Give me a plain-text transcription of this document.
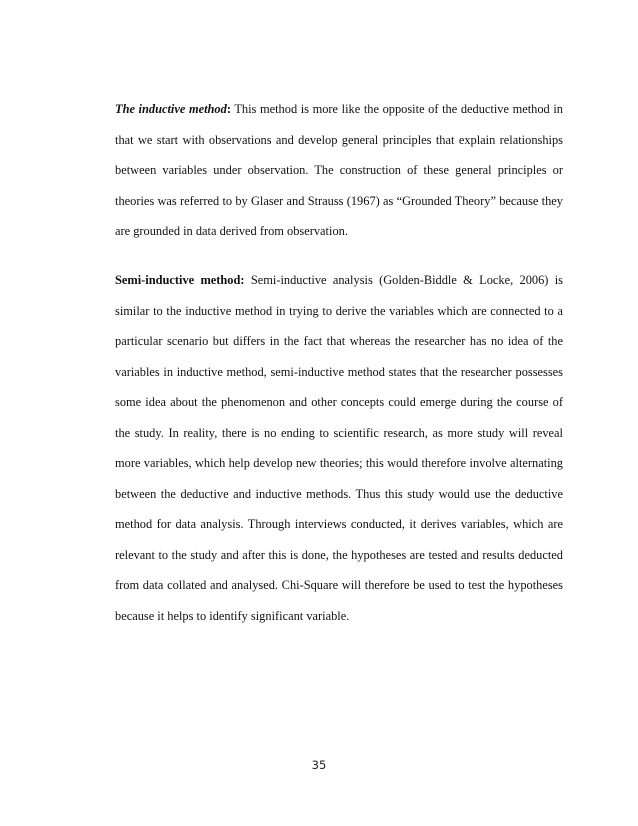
The inductive method: This method is more like the opposite of the deductive method in that we start with observations and develop general principles that explain relationships between variables under observation. The construction of these general principles or theories was referred to by Glaser and Strauss (1967) as “Grounded Theory” because they are grounded in data derived from observation.

Semi-inductive method: Semi-inductive analysis (Golden-Biddle & Locke, 2006) is similar to the inductive method in trying to derive the variables which are connected to a particular scenario but differs in the fact that whereas the researcher has no idea of the variables in inductive method, semi-inductive method states that the researcher possesses some idea about the phenomenon and other concepts could emerge during the course of the study. In reality, there is no ending to scientific research, as more study will reveal more variables, which help develop new theories; this would therefore involve alternating between the deductive and inductive methods. Thus this study would use the deductive method for data analysis. Through interviews conducted, it derives variables, which are relevant to the study and after this is done, the hypotheses are tested and results deducted from data collated and analysed. Chi-Square will therefore be used to test the hypotheses because it helps to identify significant variable.

35
